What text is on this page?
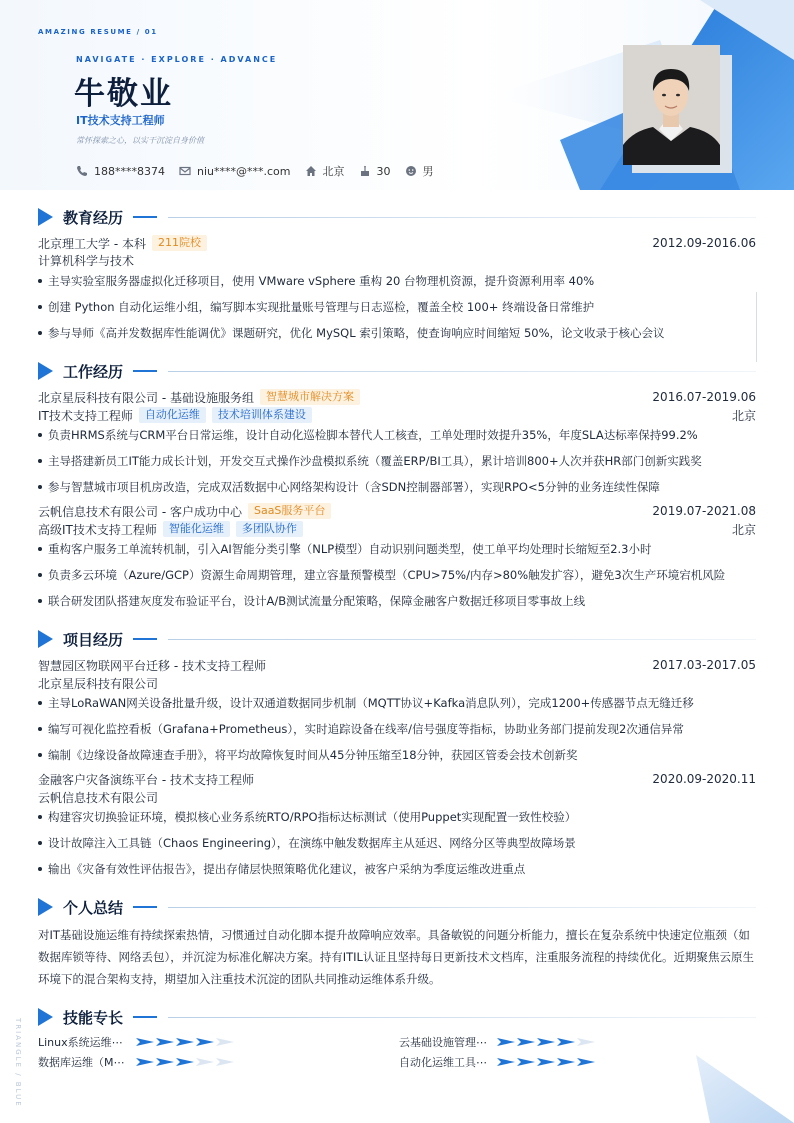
AMAZING RESUME / 01
NAVIGATE · EXPLORE · ADVANCE
牛敬业
IT技术支持工程师
常怀探索之心，以实干沉淀自身价值
188****8374	niu****@***.com	北京	30	男
教育经历
北京理工大学 - 本科	211院校	2012.09-2016.06
计算机科学与技术
主导实验室服务器虚拟化迁移项目，使用 VMware vSphere 重构 20 台物理机资源，提升资源利用率 40%
创建 Python 自动化运维小组，编写脚本实现批量账号管理与日志巡检，覆盖全校 100+ 终端设备日常维护
参与导师《高并发数据库性能调优》课题研究，优化 MySQL 索引策略，使查询响应时间缩短 50%，论文收录于核心会议
工作经历
北京星辰科技有限公司 - 基础设施服务组	智慧城市解决方案	2016.07-2019.06
IT技术支持工程师	自动化运维	技术培训体系建设	北京
负责HRMS系统与CRM平台日常运维，设计自动化巡检脚本替代人工核查，工单处理时效提升35%，年度SLA达标率保持99.2%
主导搭建新员工IT能力成长计划，开发交互式操作沙盘模拟系统（覆盖ERP/BI工具），累计培训800+人次并获HR部门创新实践奖
参与智慧城市项目机房改造，完成双活数据中心网络架构设计（含SDN控制器部署），实现RPO<5分钟的业务连续性保障
云帆信息技术有限公司 - 客户成功中心	SaaS服务平台	2019.07-2021.08
高级IT技术支持工程师	智能化运维	多团队协作	北京
重构客户服务工单流转机制，引入AI智能分类引擎（NLP模型）自动识别问题类型，使工单平均处理时长缩短至2.3小时
负责多云环境（Azure/GCP）资源生命周期管理，建立容量预警模型（CPU>75%/内存>80%触发扩容），避免3次生产环境宕机风险
联合研发团队搭建灰度发布验证平台，设计A/B测试流量分配策略，保障金融客户数据迁移项目零事故上线
项目经历
智慧园区物联网平台迁移 - 技术支持工程师	2017.03-2017.05
北京星辰科技有限公司
主导LoRaWAN网关设备批量升级，设计双通道数据同步机制（MQTT协议+Kafka消息队列），完成1200+传感器节点无缝迁移
编写可视化监控看板（Grafana+Prometheus），实时追踪设备在线率/信号强度等指标，协助业务部门提前发现2次通信异常
编制《边缘设备故障速查手册》，将平均故障恢复时间从45分钟压缩至18分钟，获园区管委会技术创新奖
金融客户灾备演练平台 - 技术支持工程师	2020.09-2020.11
云帆信息技术有限公司
构建容灾切换验证环境，模拟核心业务系统RTO/RPO指标达标测试（使用Puppet实现配置一致性校验）
设计故障注入工具链（Chaos Engineering），在演练中触发数据库主从延迟、网络分区等典型故障场景
输出《灾备有效性评估报告》，提出存储层快照策略优化建议，被客户采纳为季度运维改进重点
个人总结
对IT基础设施运维有持续探索热情，习惯通过自动化脚本提升故障响应效率。具备敏锐的问题分析能力，擅长在复杂系统中快速定位瓶颈（如数据库锁等待、网络丢包），并沉淀为标准化解决方案。持有ITIL认证且坚持每日更新技术文档库，注重服务流程的持续优化。近期聚焦云原生环境下的混合架构支持，期望加入注重技术沉淀的团队共同推动运维体系升级。
技能专长
Linux系统运维⋯	云基础设施管理⋯
数据库运维（M⋯	自动化运维工具⋯
TRIANGLE / BLUE
